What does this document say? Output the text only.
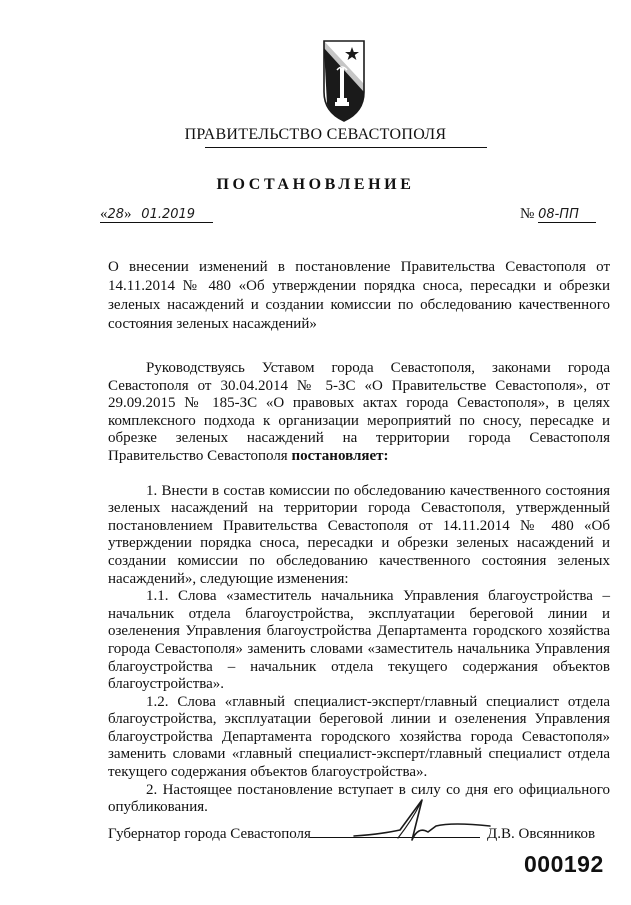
ПРАВИТЕЛЬСТВО СЕВАСТОПОЛЯ
ПОСТАНОВЛЕНИЕ
«28» 01.2019	№ 08-ПП
О внесении изменений в постановление Правительства Севастополя от 14.11.2014 № 480 «Об утверждении порядка сноса, пересадки и обрезки зеленых насаждений и создании комиссии по обследованию качественного состояния зеленых насаждений»

Руководствуясь Уставом города Севастополя, законами города Севастополя от 30.04.2014 № 5-ЗС «О Правительстве Севастополя», от 29.09.2015 № 185-ЗС «О правовых актах города Севастополя», в целях комплексного подхода к организации мероприятий по сносу, пересадке и обрезке зеленых насаждений на территории города Севастополя Правительство Севастополя постановляет:

1. Внести в состав комиссии по обследованию качественного состояния зеленых насаждений на территории города Севастополя, утвержденный постановлением Правительства Севастополя от 14.11.2014 № 480 «Об утверждении порядка сноса, пересадки и обрезки зеленых насаждений и создании комиссии по обследованию качественного состояния зеленых насаждений», следующие изменения:

1.1. Слова «заместитель начальника Управления благоустройства – начальник отдела благоустройства, эксплуатации береговой линии и озеленения Управления благоустройства Департамента городского хозяйства города Севастополя» заменить словами «заместитель начальника Управления благоустройства – начальник отдела текущего содержания объектов благоустройства».

1.2. Слова «главный специалист-эксперт/главный специалист отдела благоустройства, эксплуатации береговой линии и озеленения Управления благоустройства Департамента городского хозяйства города Севастополя» заменить словами «главный специалист-эксперт/главный специалист отдела текущего содержания объектов благоустройства».

2. Настоящее постановление вступает в силу со дня его официального опубликования.

Губернатор города Севастополя	Д.В. Овсянников
000192
